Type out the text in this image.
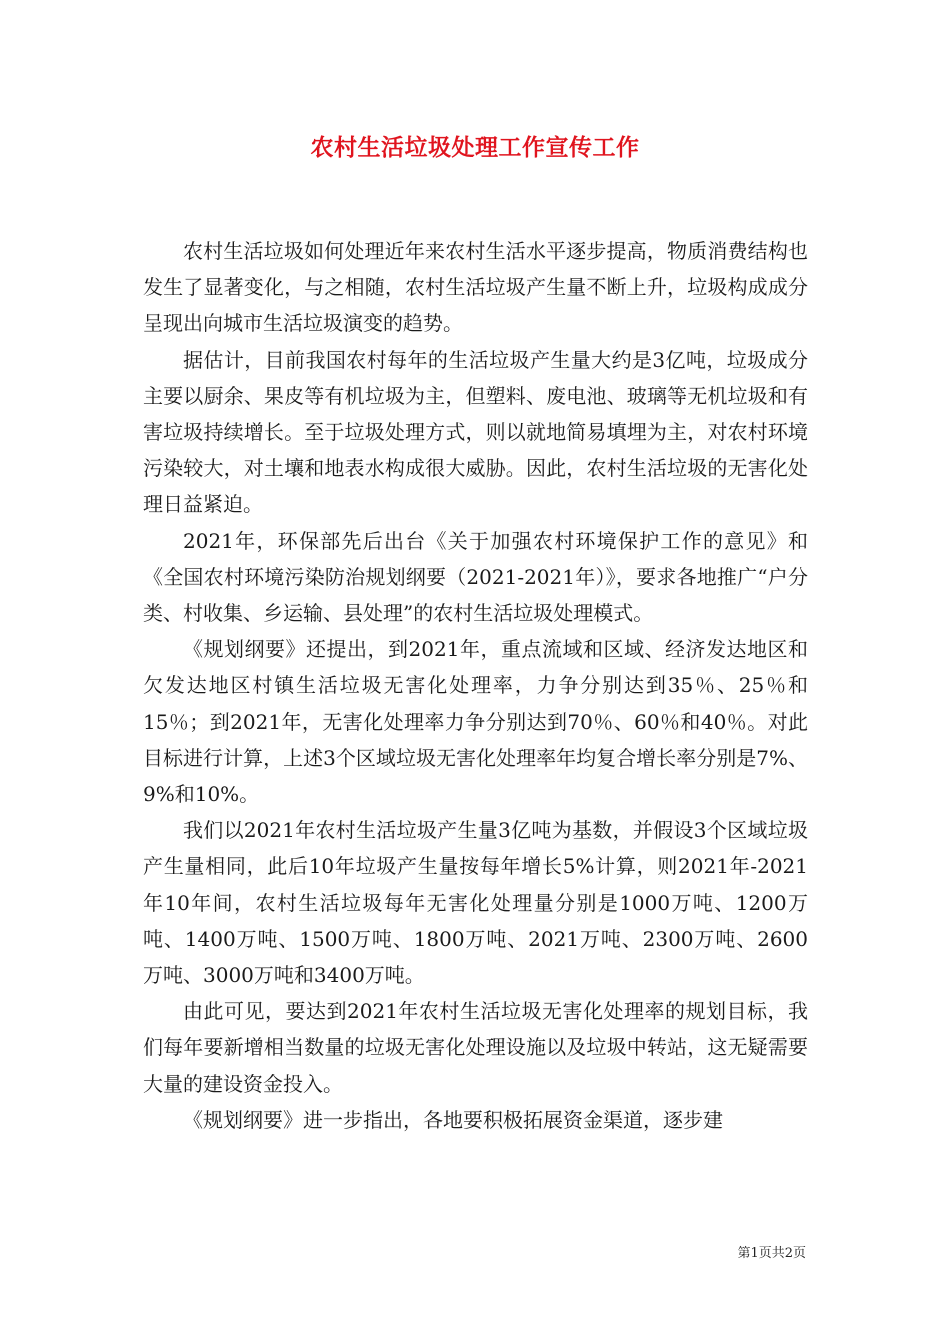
农村生活垃圾处理工作宣传工作

农村生活垃圾如何处理近年来农村生活水平逐步提高，物质消费结构也发生了显著变化，与之相随，农村生活垃圾产生量不断上升，垃圾构成成分呈现出向城市生活垃圾演变的趋势。

据估计，目前我国农村每年的生活垃圾产生量大约是3亿吨，垃圾成分主要以厨余、果皮等有机垃圾为主，但塑料、废电池、玻璃等无机垃圾和有害垃圾持续增长。至于垃圾处理方式，则以就地简易填埋为主，对农村环境污染较大，对土壤和地表水构成很大威胁。因此，农村生活垃圾的无害化处理日益紧迫。

2021年，环保部先后出台《关于加强农村环境保护工作的意见》和《全国农村环境污染防治规划纲要（2021-2021年）》，要求各地推广“户分类、村收集、乡运输、县处理”的农村生活垃圾处理模式。

《规划纲要》还提出，到2021年，重点流域和区域、经济发达地区和欠发达地区村镇生活垃圾无害化处理率，力争分别达到35％、25％和15％；到2021年，无害化处理率力争分别达到70％、60％和40％。对此目标进行计算，上述3个区域垃圾无害化处理率年均复合增长率分别是7%、9%和10%。

我们以2021年农村生活垃圾产生量3亿吨为基数，并假设3个区域垃圾产生量相同，此后10年垃圾产生量按每年增长5%计算，则2021年-2021年10年间，农村生活垃圾每年无害化处理量分别是1000万吨、1200万吨、1400万吨、1500万吨、1800万吨、2021万吨、2300万吨、2600万吨、3000万吨和3400万吨。

由此可见，要达到2021年农村生活垃圾无害化处理率的规划目标，我们每年要新增相当数量的垃圾无害化处理设施以及垃圾中转站，这无疑需要大量的建设资金投入。

《规划纲要》进一步指出，各地要积极拓展资金渠道，逐步建

第1页共2页
